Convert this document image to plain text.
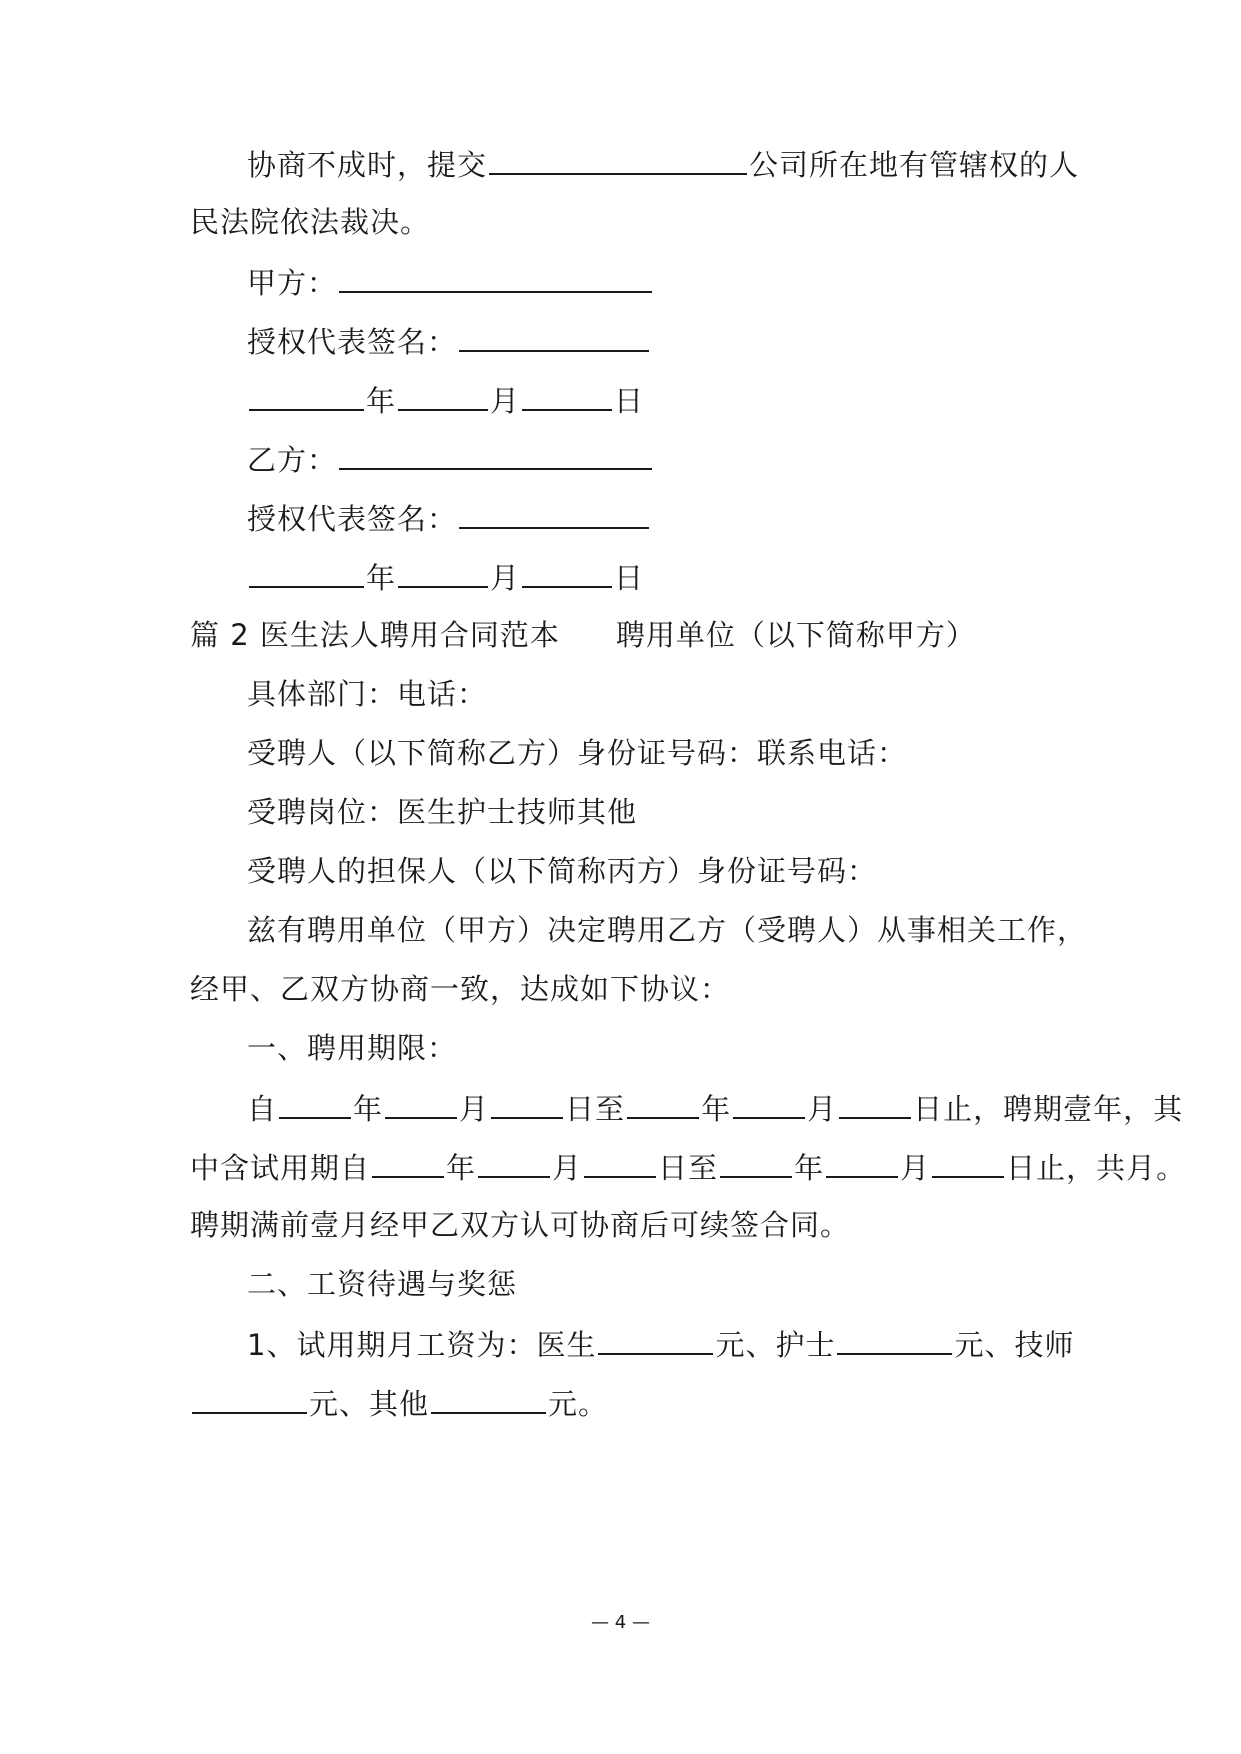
协商不成时，提交	公司所在地有管辖权的人
民法院依法裁决。
甲方：
授权代表签名：
年	月	日
乙方：
授权代表签名：
年	月	日
篇 2 医生法人聘用合同范本 聘用单位（以下简称甲方）
具体部门：电话：
受聘人（以下简称乙方）身份证号码：联系电话：
受聘岗位：医生护士技师其他
受聘人的担保人（以下简称丙方）身份证号码：
兹有聘用单位（甲方）决定聘用乙方（受聘人）从事相关工作，
经甲、乙双方协商一致，达成如下协议：
一、聘用期限：
自	年	月	日至	年	月	日止，聘期壹年，其
中含试用期自	年	月	日至	年	月	日止，共月。
聘期满前壹月经甲乙双方认可协商后可续签合同。
二、工资待遇与奖惩
1、试用期月工资为：医生	元、护士	元、技师
元、其他	元。
— 4 —
